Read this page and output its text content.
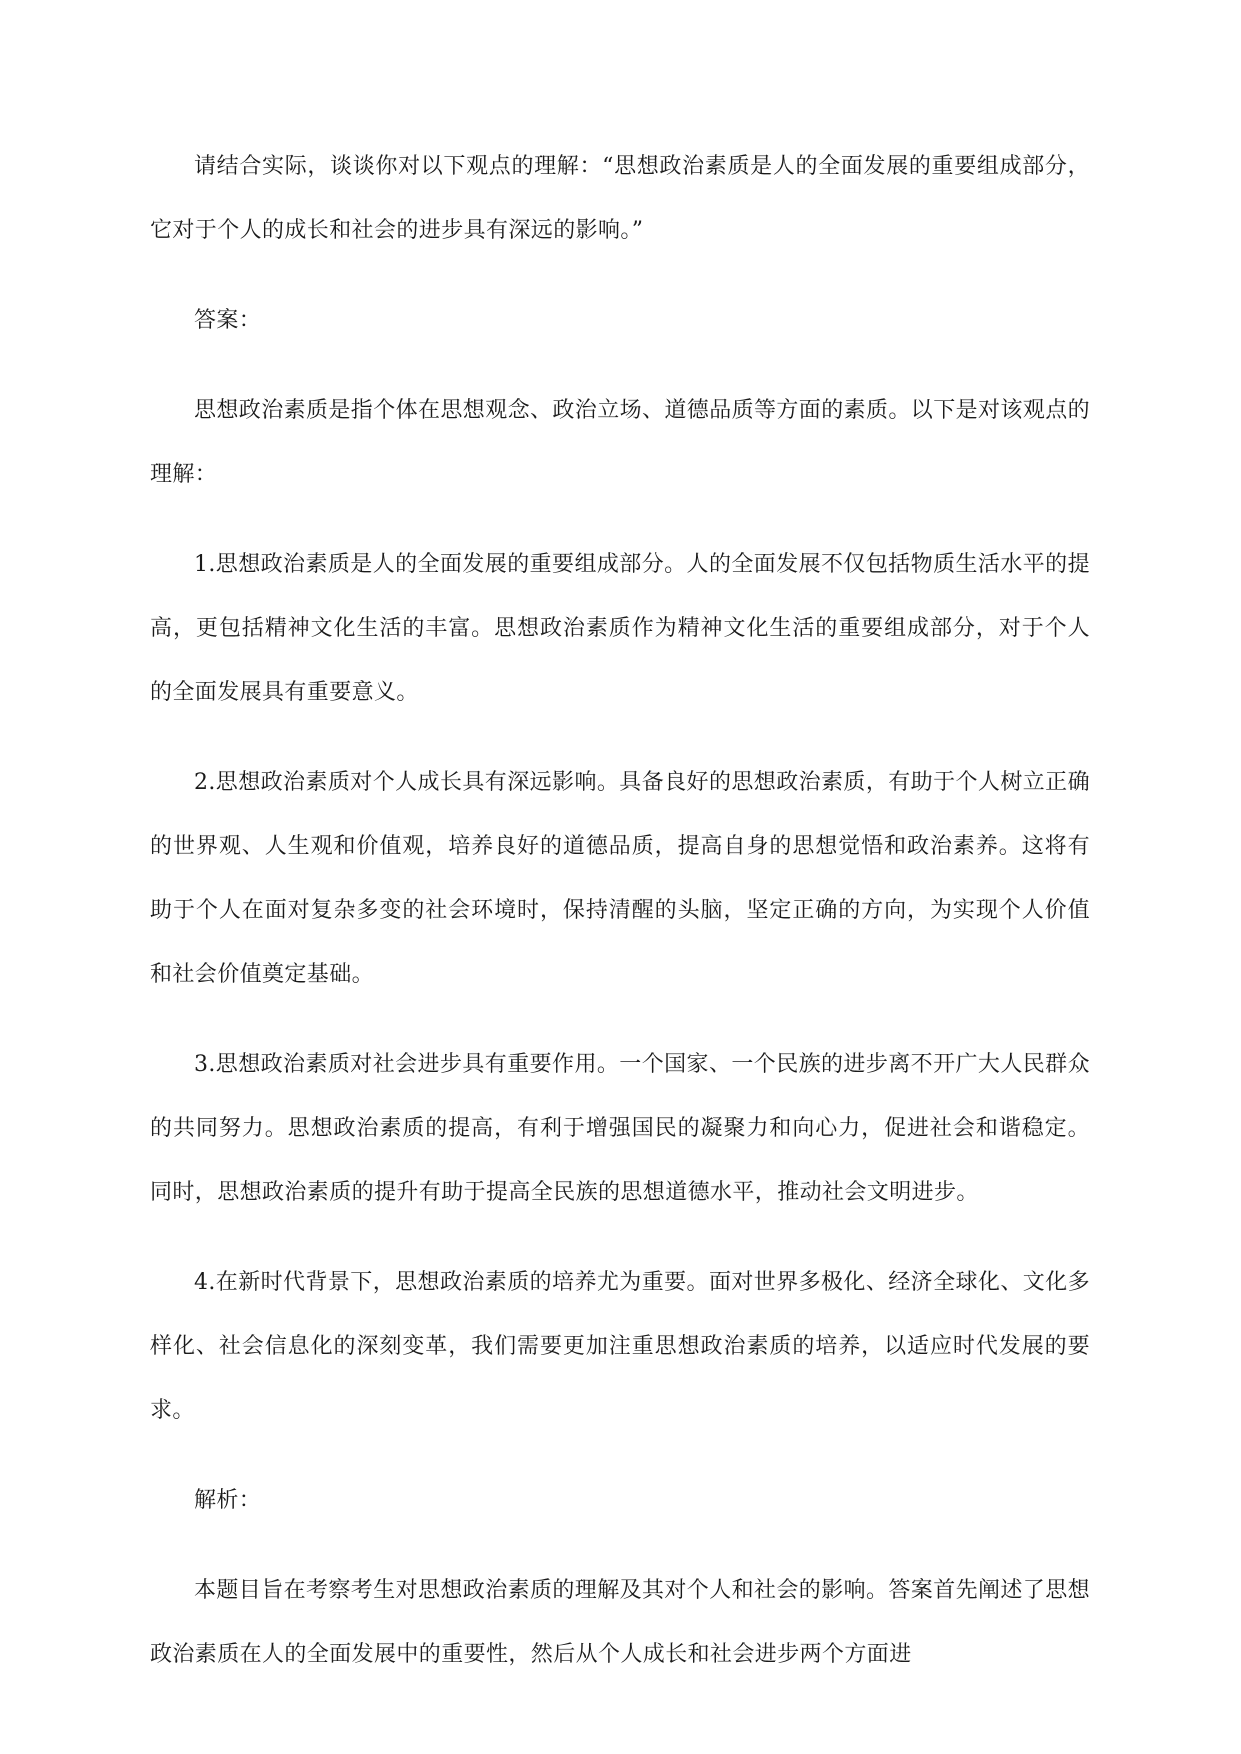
请结合实际，谈谈你对以下观点的理解：“思想政治素质是人的全面发展的重要组成部分，它对于个人的成长和社会的进步具有深远的影响。”

答案：

思想政治素质是指个体在思想观念、政治立场、道德品质等方面的素质。以下是对该观点的理解：

1.思想政治素质是人的全面发展的重要组成部分。人的全面发展不仅包括物质生活水平的提高，更包括精神文化生活的丰富。思想政治素质作为精神文化生活的重要组成部分，对于个人的全面发展具有重要意义。

2.思想政治素质对个人成长具有深远影响。具备良好的思想政治素质，有助于个人树立正确的世界观、人生观和价值观，培养良好的道德品质，提高自身的思想觉悟和政治素养。这将有助于个人在面对复杂多变的社会环境时，保持清醒的头脑，坚定正确的方向，为实现个人价值和社会价值奠定基础。

3.思想政治素质对社会进步具有重要作用。一个国家、一个民族的进步离不开广大人民群众的共同努力。思想政治素质的提高，有利于增强国民的凝聚力和向心力，促进社会和谐稳定。同时，思想政治素质的提升有助于提高全民族的思想道德水平，推动社会文明进步。

4.在新时代背景下，思想政治素质的培养尤为重要。面对世界多极化、经济全球化、文化多样化、社会信息化的深刻变革，我们需要更加注重思想政治素质的培养，以适应时代发展的要求。

解析：

本题目旨在考察考生对思想政治素质的理解及其对个人和社会的影响。答案首先阐述了思想政治素质在人的全面发展中的重要性，然后从个人成长和社会进步两个方面进
